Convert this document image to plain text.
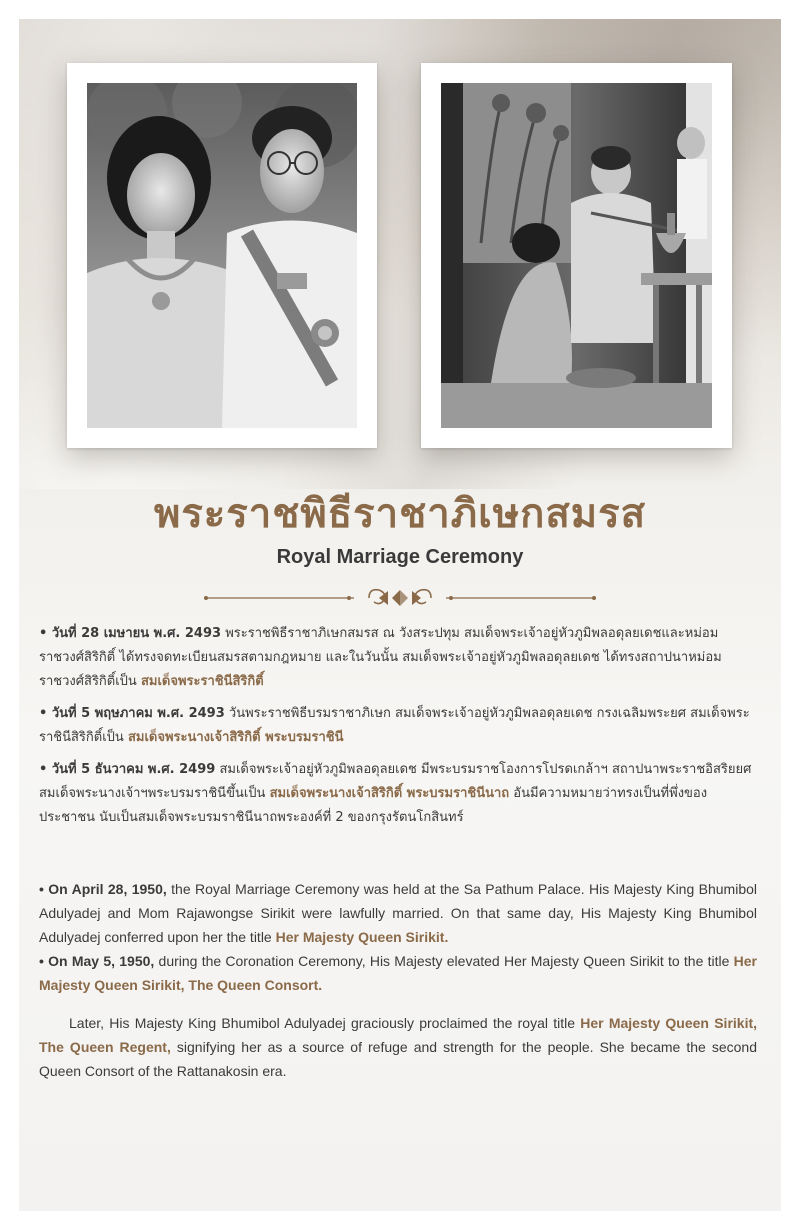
พระราชพิธีราชาภิเษกสมรส
Royal Marriage Ceremony

• วันที่ 28 เมษายน พ.ศ. 2493 พระราชพิธีราชาภิเษกสมรส ณ วังสระปทุม สมเด็จพระเจ้าอยู่หัวภูมิพลอดุลยเดชและหม่อมราชวงศ์สิริกิติ์ ได้ทรงจดทะเบียนสมรสตามกฎหมาย และในวันนั้น สมเด็จพระเจ้าอยู่หัวภูมิพลอดุลยเดช ได้ทรงสถาปนาหม่อมราชวงศ์สิริกิติ์เป็น สมเด็จพระราชินีสิริกิติ์

• วันที่ 5 พฤษภาคม พ.ศ. 2493 วันพระราชพิธีบรมราชาภิเษก สมเด็จพระเจ้าอยู่หัวภูมิพลอดุลยเดช กรงเฉลิมพระยศ สมเด็จพระราชินีสิริกิติ์เป็น สมเด็จพระนางเจ้าสิริกิติ์ พระบรมราชินี

• วันที่ 5 ธันวาคม พ.ศ. 2499 สมเด็จพระเจ้าอยู่หัวภูมิพลอดุลยเดช มีพระบรมราชโองการโปรดเกล้าฯ สถาปนาพระราชอิสริยยศสมเด็จพระนางเจ้าฯพระบรมราชินีขึ้นเป็น สมเด็จพระนางเจ้าสิริกิติ์ พระบรมราชินีนาถ อันมีความหมายว่าทรงเป็นที่พึ่งของประชาชน นับเป็นสมเด็จพระบรมราชินีนาถพระองค์ที่ 2 ของกรุงรัตนโกสินทร์

• On April 28, 1950, the Royal Marriage Ceremony was held at the Sa Pathum Palace. His Majesty King Bhumibol Adulyadej and Mom Rajawongse Sirikit were lawfully married. On that same day, His Majesty King Bhumibol Adulyadej conferred upon her the title Her Majesty Queen Sirikit.

• On May 5, 1950, during the Coronation Ceremony, His Majesty elevated Her Majesty Queen Sirikit to the title Her Majesty Queen Sirikit, The Queen Consort.

Later, His Majesty King Bhumibol Adulyadej graciously proclaimed the royal title Her Majesty Queen Sirikit, The Queen Regent, signifying her as a source of refuge and strength for the people. She became the second Queen Consort of the Rattanakosin era.
